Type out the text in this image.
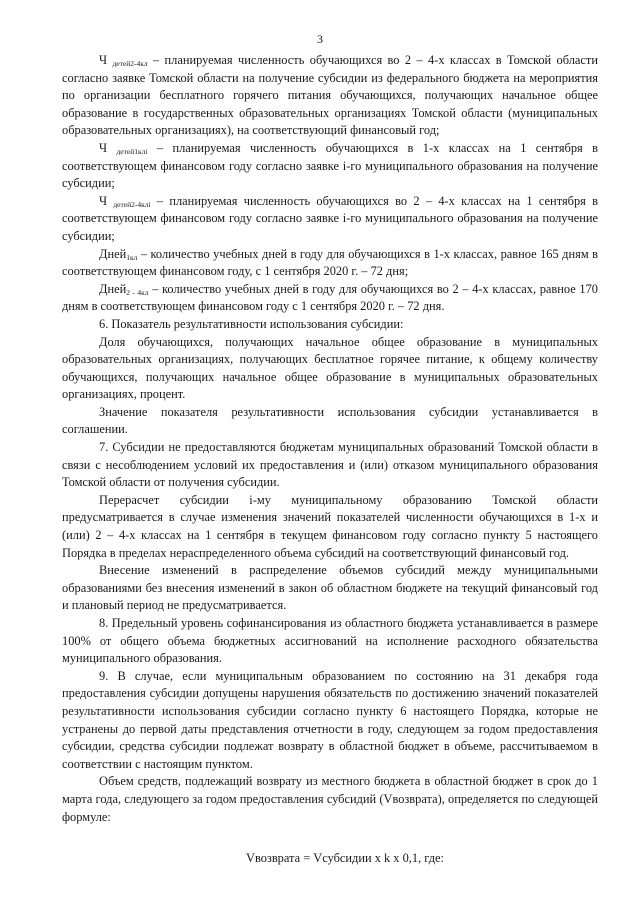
3

Ч $_{детей2-4кл}$ – планируемая численность обучающихся во 2 – 4-х классах в Томской области согласно заявке Томской области на получение субсидии из федерального бюджета на мероприятия по организации бесплатного горячего питания обучающихся, получающих начальное общее образование в государственных образовательных организациях Томской области (муниципальных образовательных организациях), на соответствующий финансовый год;

Ч $_{детей1клi}$ – планируемая численность обучающихся в 1-х классах на 1 сентября в соответствующем финансовом году согласно заявке i-го муниципального образования на получение субсидии;

Ч $_{детей2-4клi}$ – планируемая численность обучающихся во 2 – 4-х классах на 1 сентября в соответствующем финансовом году согласно заявке i-го муниципального образования на получение субсидии;

Дней$_{1кл}$ – количество учебных дней в году для обучающихся в 1-х классах, равное 165 дням в соответствующем финансовом году, с 1 сентября 2020 г. – 72 дня;

Дней$_{2 - 4кл}$ – количество учебных дней в году для обучающихся во 2 – 4-х классах, равное 170 дням в соответствующем финансовом году с 1 сентября 2020 г. – 72 дня.

6. Показатель результативности использования субсидии:

Доля обучающихся, получающих начальное общее образование в муниципальных образовательных организациях, получающих бесплатное горячее питание, к общему количеству обучающихся, получающих начальное общее образование в муниципальных образовательных организациях, процент.

Значение показателя результативности использования субсидии устанавливается в соглашении.

7. Субсидии не предоставляются бюджетам муниципальных образований Томской области в связи с несоблюдением условий их предоставления и (или) отказом муниципального образования Томской области от получения субсидии.

Перерасчет субсидии i-му муниципальному образованию Томской области предусматривается в случае изменения значений показателей численности обучающихся в 1-х и (или) 2 – 4-х классах на 1 сентября в текущем финансовом году согласно пункту 5 настоящего Порядка в пределах нераспределенного объема субсидий на соответствующий финансовый год.

Внесение изменений в распределение объемов субсидий между муниципальными образованиями без внесения изменений в закон об областном бюджете на текущий финансовый год и плановый период не предусматривается.

8. Предельный уровень софинансирования из областного бюджета устанавливается в размере 100% от общего объема бюджетных ассигнований на исполнение расходного обязательства муниципального образования.

9. В случае, если муниципальным образованием по состоянию на 31 декабря года предоставления субсидии допущены нарушения обязательств по достижению значений показателей результативности использования субсидии согласно пункту 6 настоящего Порядка, которые не устранены до первой даты представления отчетности в году, следующем за годом предоставления субсидии, средства субсидии подлежат возврату в областной бюджет в объеме, рассчитываемом в соответствии с настоящим пунктом.

Объем средств, подлежащий возврату из местного бюджета в областной бюджет в срок до 1 марта года, следующего за годом предоставления субсидий (Vвозврата), определяется по следующей формуле:

Vвозврата = Vсубсидии x k x 0,1, где:
